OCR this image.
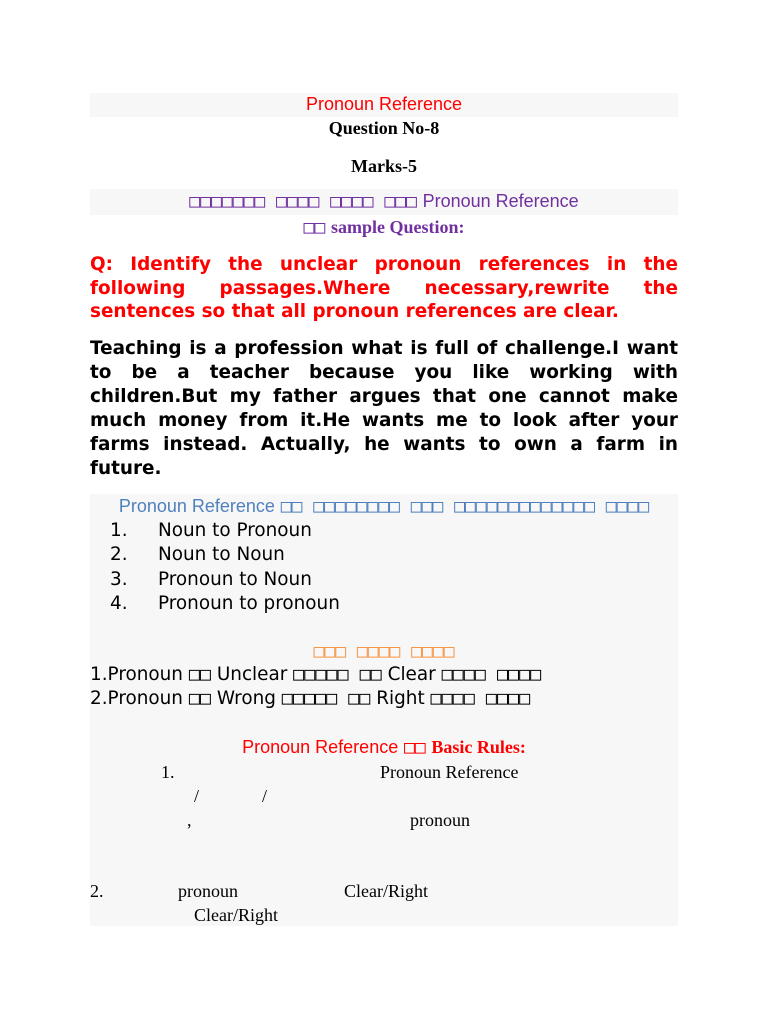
Pronoun Reference
Question No-8
Marks-5
□□□□□□□ □□□□ □□□□ □□□ Pronoun Reference
□□ sample Question:
Q: Identify the unclear pronoun references in the following passages.Where necessary,rewrite the sentences so that all pronoun references are clear.
Teaching is a profession what is full of challenge.I want to be a teacher because you like working with children.But my father argues that one cannot make much money from it.He wants me to look after your farms instead. Actually, he wants to own a farm in future.
Pronoun Reference □□ □□□□□□□□ □□□ □□□□□□□□□□□□□ □□□□
1. Noun to Pronoun
2. Noun to Noun
3. Pronoun to Noun
4. Pronoun to pronoun
□□□ □□□□ □□□□
1.Pronoun □□ Unclear □□□□□ □□ Clear □□□□ □□□□
2.Pronoun □□ Wrong □□□□□ □□ Right □□□□ □□□□
Pronoun Reference □□ Basic Rules:
1.	Pronoun Reference
/	/
,	pronoun
2.	pronoun	Clear/Right
Clear/Right
